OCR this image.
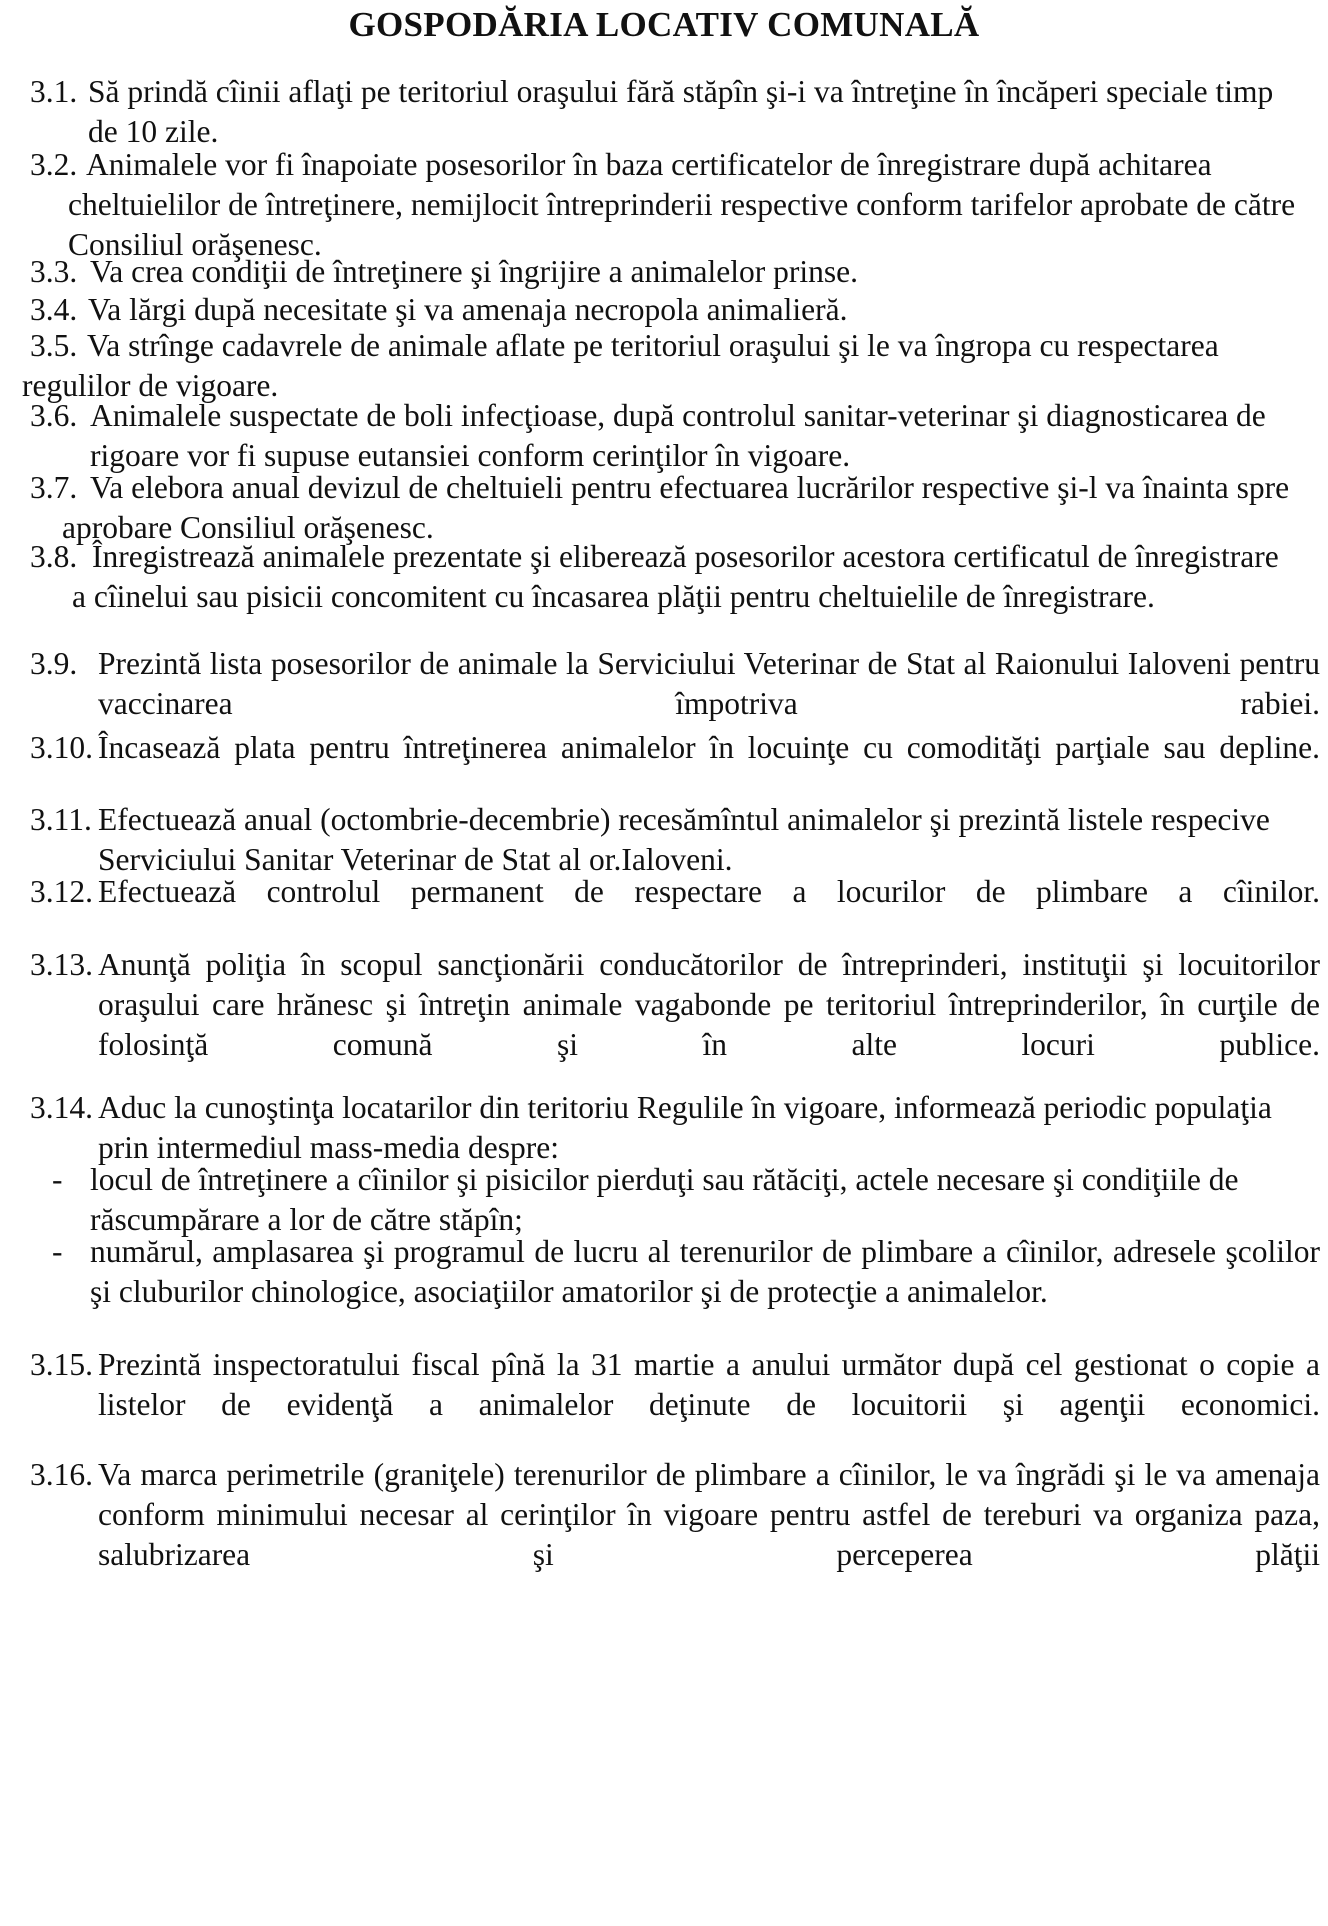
GOSPODĂRIA LOCATIV COMUNALĂ
3.1. Să prindă cîinii aflaţi pe teritoriul oraşului fără stăpîn şi-i va întreţine în încăperi speciale timp de 10 zile.
3.2. Animalele vor fi înapoiate posesorilor în baza certificatelor de înregistrare după achitarea cheltuielilor de întreţinere, nemijlocit întreprinderii respective conform tarifelor aprobate de către Consiliul orăşenesc.
3.3. Va crea condiţii de întreţinere şi îngrijire a animalelor prinse.
3.4. Va lărgi după necesitate şi va amenaja necropola animalieră.
3.5. Va strînge cadavrele de animale aflate pe teritoriul oraşului şi le va îngropa cu respectarea regulilor de vigoare.
3.6. Animalele suspectate de boli infecţioase, după controlul sanitar-veterinar şi diagnosticarea de rigoare vor fi supuse eutansiei conform cerinţilor în vigoare.
3.7. Va elebora anual devizul de cheltuieli pentru efectuarea lucrărilor respective şi-l va înainta spre aprobare Consiliul orăşenesc.
3.8. Înregistrează animalele prezentate şi eliberează posesorilor acestora certificatul de înregistrare a cîinelui sau pisicii concomitent cu încasarea plăţii pentru cheltuielile de înregistrare.
3.9. Prezintă lista posesorilor de animale la Serviciului Veterinar de Stat al Raionului Ialoveni pentru vaccinarea împotriva rabiei.
3.10. Încasează plata pentru întreţinerea animalelor în locuinţe cu comodităţi parţiale sau depline.
3.11. Efectuează anual (octombrie-decembrie) recesămîntul animalelor şi prezintă listele respecive Serviciului Sanitar Veterinar de Stat al or.Ialoveni.
3.12. Efectuează controlul permanent de respectare a locurilor de plimbare a cîinilor.
3.13. Anunţă poliţia în scopul sancţionării conducătorilor de întreprinderi, instituţii şi locuitorilor oraşului care hrănesc şi întreţin animale vagabonde pe teritoriul întreprinderilor, în curţile de folosinţă comună şi în alte locuri publice.
3.14. Aduc la cunoştinţa locatarilor din teritoriu Regulile în vigoare, informează periodic populaţia prin intermediul mass-media despre:
- locul de întreţinere a cîinilor şi pisicilor pierduţi sau rătăciţi, actele necesare şi condiţiile de răscumpărare a lor de către stăpîn;
- numărul, amplasarea şi programul de lucru al terenurilor de plimbare a cîinilor, adresele şcolilor şi cluburilor chinologice, asociaţiilor amatorilor şi de protecţie a animalelor.
3.15. Prezintă inspectoratului fiscal pînă la 31 martie a anului următor după cel gestionat o copie a listelor de evidenţă a animalelor deţinute de locuitorii şi agenţii economici.
3.16. Va marca perimetrile (graniţele) terenurilor de plimbare a cîinilor, le va îngrădi şi le va amenaja conform minimului necesar al cerinţilor în vigoare pentru astfel de tereburi va organiza paza, salubrizarea şi perceperea plăţii
